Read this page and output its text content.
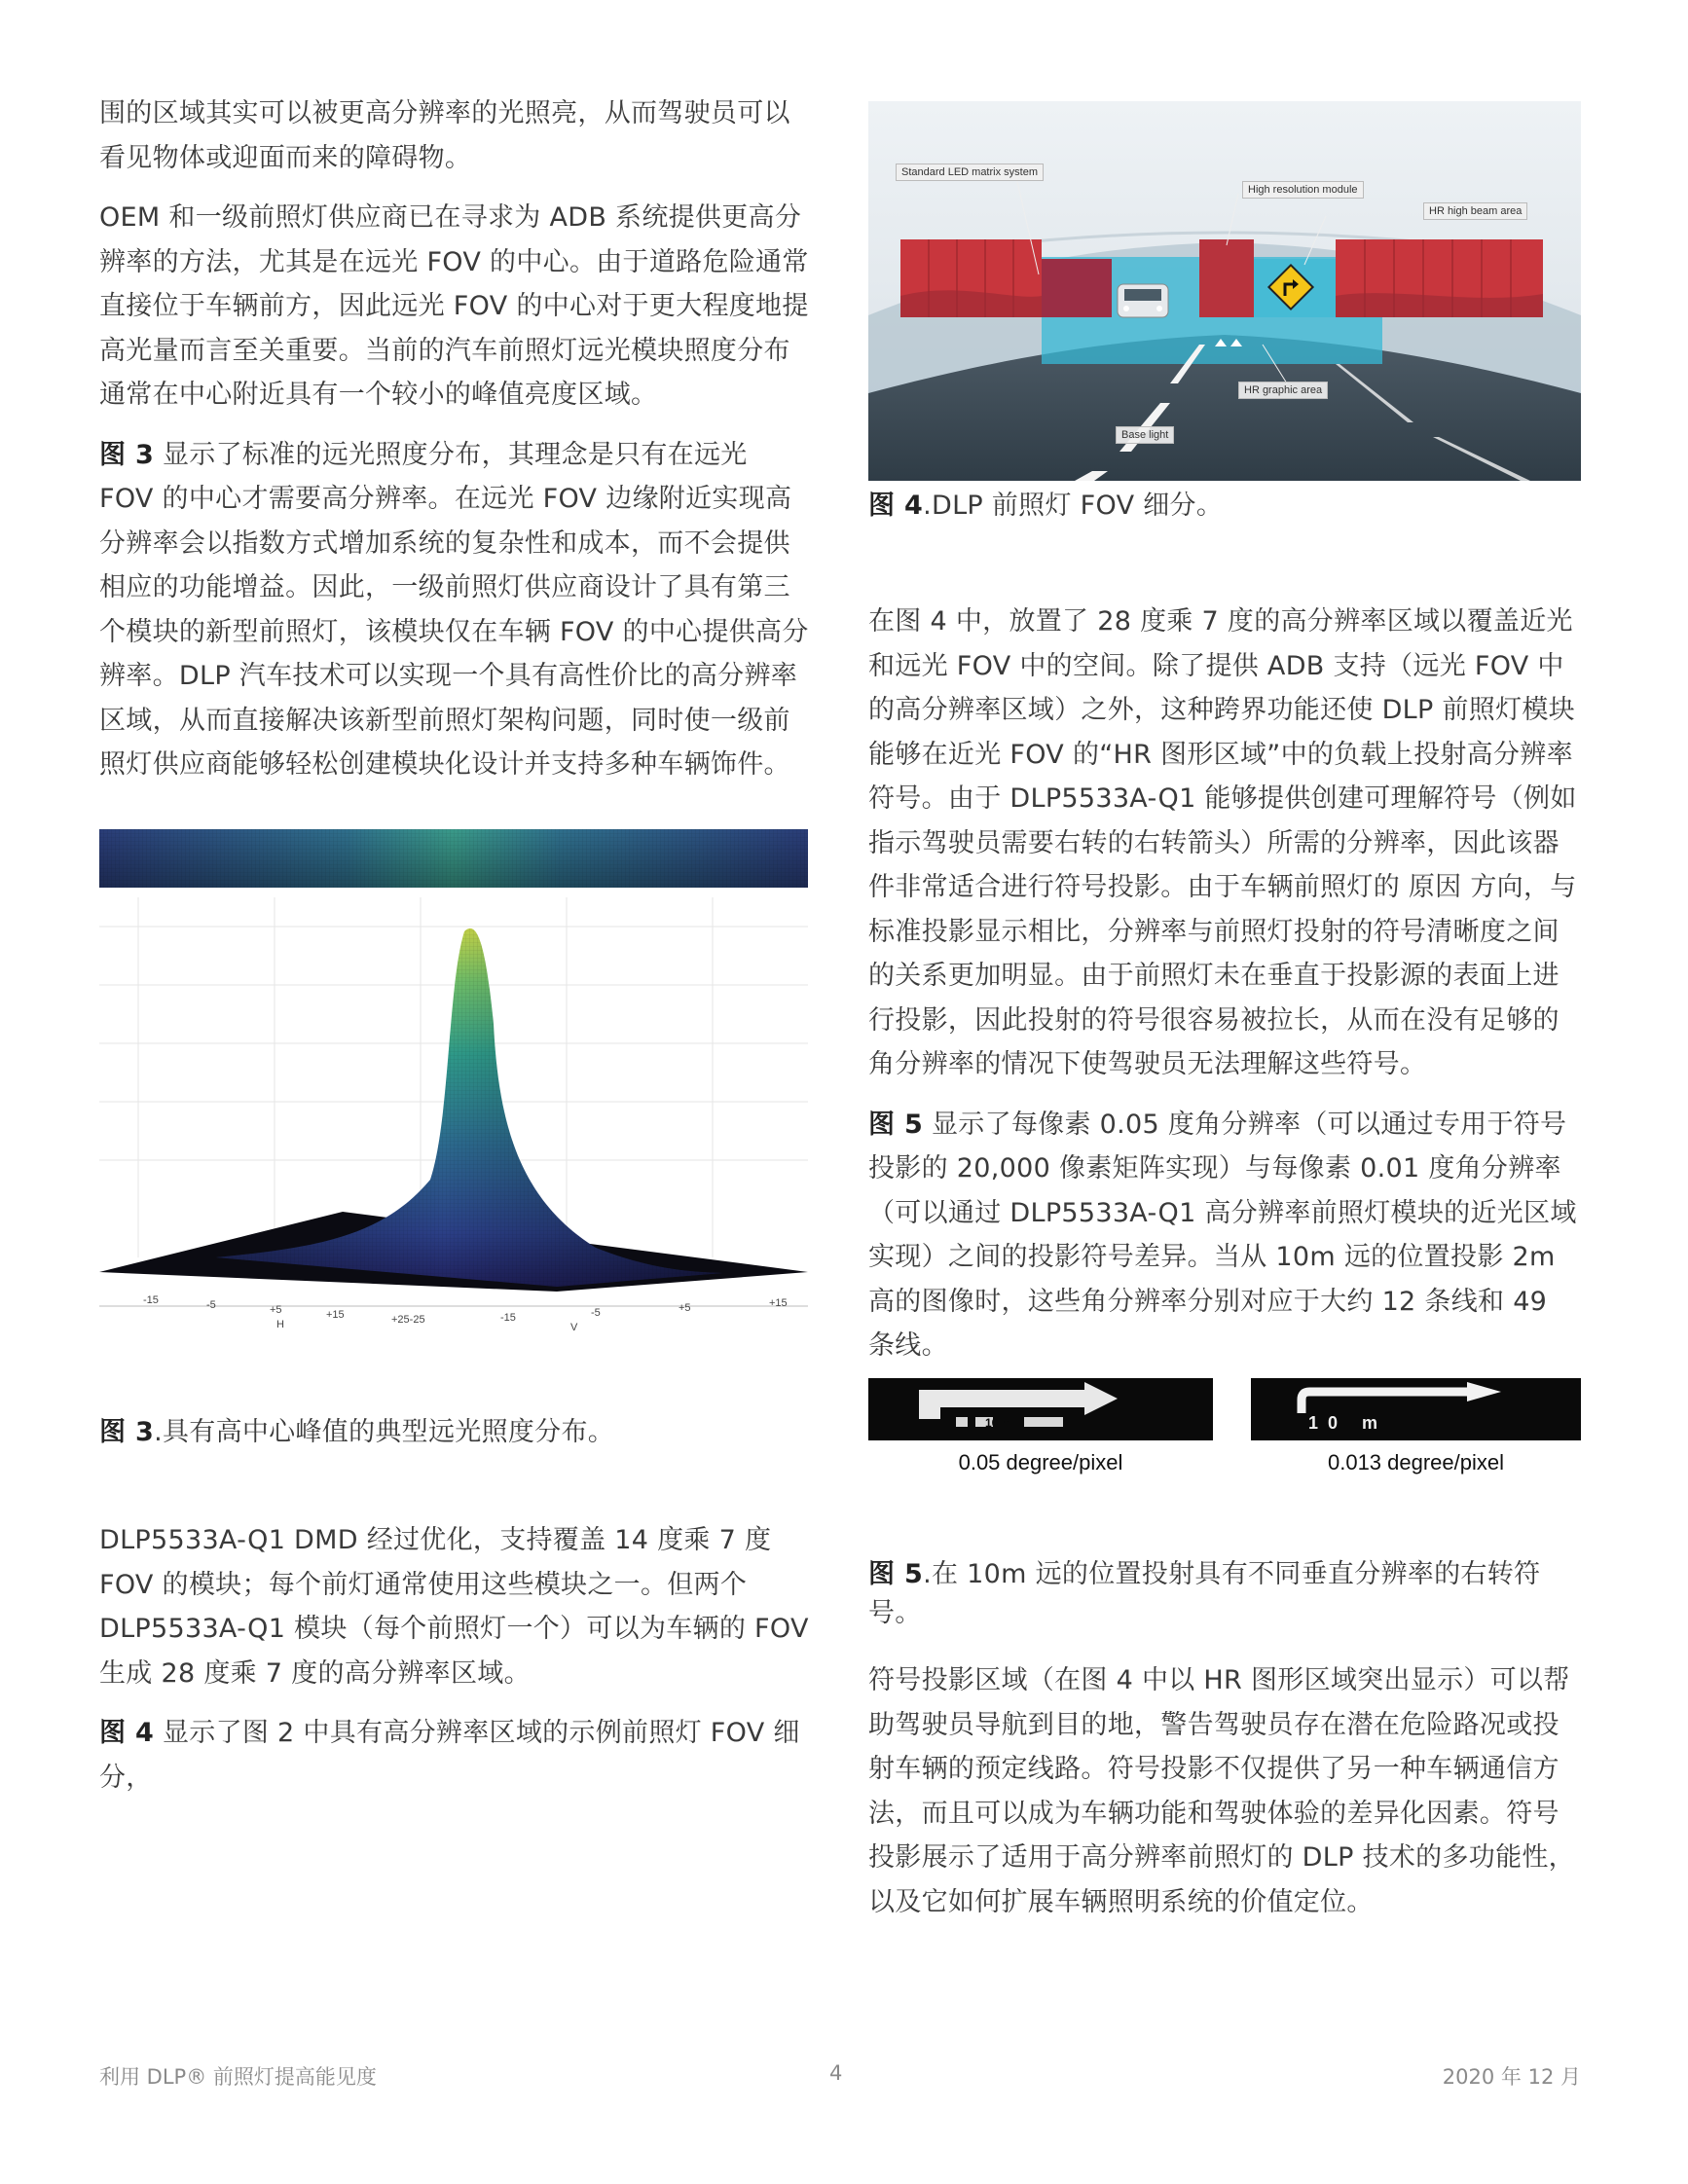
围的区域其实可以被更高分辨率的光照亮，从而驾驶员可以看见物体或迎面而来的障碍物。

OEM 和一级前照灯供应商已在寻求为 ADB 系统提供更高分辨率的方法，尤其是在远光 FOV 的中心。由于道路危险通常直接位于车辆前方，因此远光 FOV 的中心对于更大程度地提高光量而言至关重要。当前的汽车前照灯远光模块照度分布通常在中心附近具有一个较小的峰值亮度区域。

图 3 显示了标准的远光照度分布，其理念是只有在远光 FOV 的中心才需要高分辨率。在远光 FOV 边缘附近实现高分辨率会以指数方式增加系统的复杂性和成本，而不会提供相应的功能增益。因此，一级前照灯供应商设计了具有第三个模块的新型前照灯，该模块仅在车辆 FOV 的中心提供高分辨率。DLP 汽车技术可以实现一个具有高性价比的高分辨率区域，从而直接解决该新型前照灯架构问题，同时使一级前照灯供应商能够轻松创建模块化设计并支持多种车辆饰件。

-15	-5	+5	+15	+25-25
H
-15	-5	+5	+15
V
图 3.具有高中心峰值的典型远光照度分布。

DLP5533A-Q1 DMD 经过优化，支持覆盖 14 度乘 7 度 FOV 的模块；每个前灯通常使用这些模块之一。但两个 DLP5533A-Q1 模块（每个前照灯一个）可以为车辆的 FOV 生成 28 度乘 7 度的高分辨率区域。

图 4 显示了图 2 中具有高分辨率区域的示例前照灯 FOV 细分，

Standard LED matrix system
High resolution module
HR high beam area
HR graphic area
Base light
图 4.DLP 前照灯 FOV 细分。

在图 4 中，放置了 28 度乘 7 度的高分辨率区域以覆盖近光和远光 FOV 中的空间。除了提供 ADB 支持（远光 FOV 中的高分辨率区域）之外，这种跨界功能还使 DLP 前照灯模块能够在近光 FOV 的“HR 图形区域”中的负载上投射高分辨率符号。由于 DLP5533A-Q1 能够提供创建可理解符号（例如指示驾驶员需要右转的右转箭头）所需的分辨率，因此该器件非常适合进行符号投影。由于车辆前照灯的 原因 方向，与标准投影显示相比，分辨率与前照灯投射的符号清晰度之间的关系更加明显。由于前照灯未在垂直于投影源的表面上进行投影，因此投射的符号很容易被拉长，从而在没有足够的角分辨率的情况下使驾驶员无法理解这些符号。

图 5 显示了每像素 0.05 度角分辨率（可以通过专用于符号投影的 20,000 像素矩阵实现）与每像素 0.01 度角分辨率（可以通过 DLP5533A-Q1 高分辨率前照灯模块的近光区域实现）之间的投影符号差异。当从 10m 远的位置投影 2m 高的图像时，这些角分辨率分别对应于大约 12 条线和 49 条线。

10 m	10 m
0.05 degree/pixel	0.013 degree/pixel
图 5.在 10m 远的位置投射具有不同垂直分辨率的右转符号。

符号投影区域（在图 4 中以 HR 图形区域突出显示）可以帮助驾驶员导航到目的地，警告驾驶员存在潜在危险路况或投射车辆的预定线路。符号投影不仅提供了另一种车辆通信方法，而且可以成为车辆功能和驾驶体验的差异化因素。符号投影展示了适用于高分辨率前照灯的 DLP 技术的多功能性，以及它如何扩展车辆照明系统的价值定位。

利用 DLP® 前照灯提高能见度	4	2020 年 12 月
